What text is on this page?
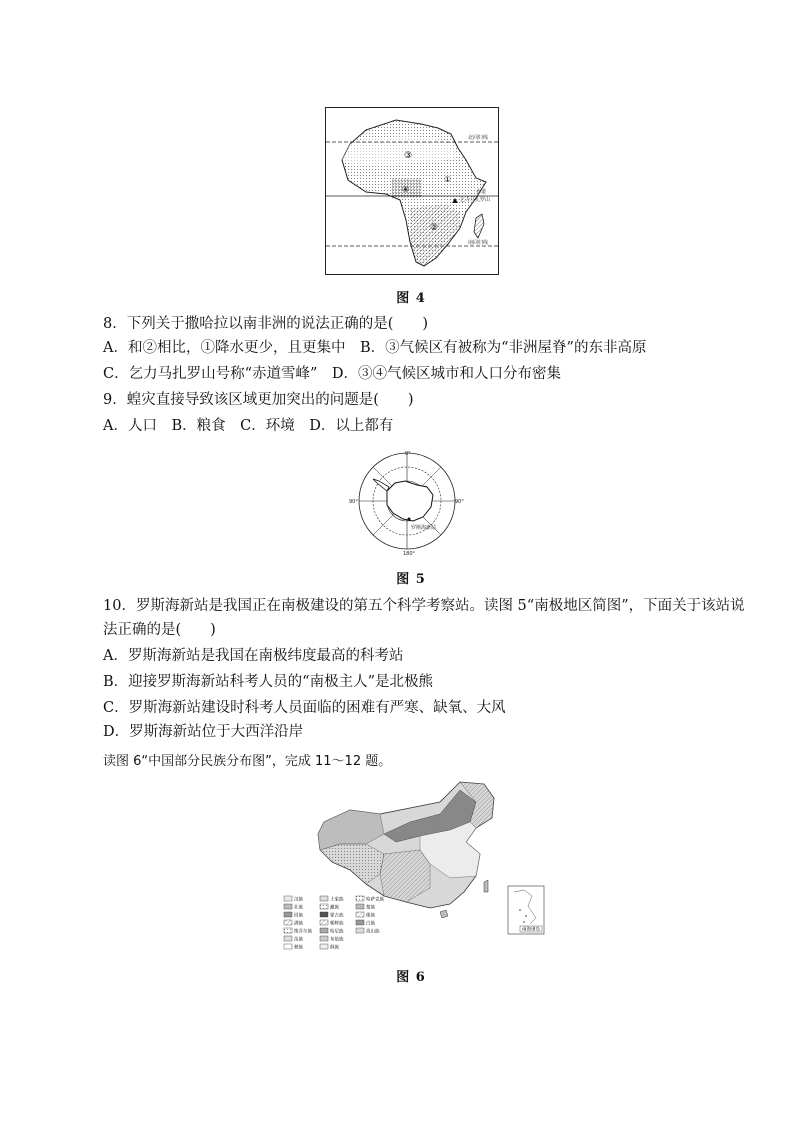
北回归线
赤道
乞力马扎罗山
南回归线
③
①
④
②
图 4
8．下列关于撒哈拉以南非洲的说法正确的是(　　)
A．和②相比，①降水更少，且更集中　B．③气候区有被称为“非洲屋脊”的东非高原
C．乞力马扎罗山号称“赤道雪峰”　D．③④气候区城市和人口分布密集
9．蝗灾直接导致该区域更加突出的问题是(　　)
A．人口　B．粮食　C．环境　D．以上都有
0°
90°	90°
180°
罗斯海新站
图 5
10．罗斯海新站是我国正在南极建设的第五个科学考察站。读图 5“南极地区简图”，下面关于该站说
法正确的是(　　)
A．罗斯海新站是我国在南极纬度最高的科考站
B．迎接罗斯海新站科考人员的“南极主人”是北极熊
C．罗斯海新站建设时科考人员面临的困难有严寒、缺氧、大风
D．罗斯海新站位于大西洋沿岸
读图 6“中国部分民族分布图”，完成 11～12 题。
汉族
壮族
回族
满族
维吾尔族
苗族
彝族
土家族
藏族
蒙古族
朝鲜族
哈尼族
布依族
侗族
哈萨克族
黎族
傣族
白族
高山族	南海诸岛
图 6
